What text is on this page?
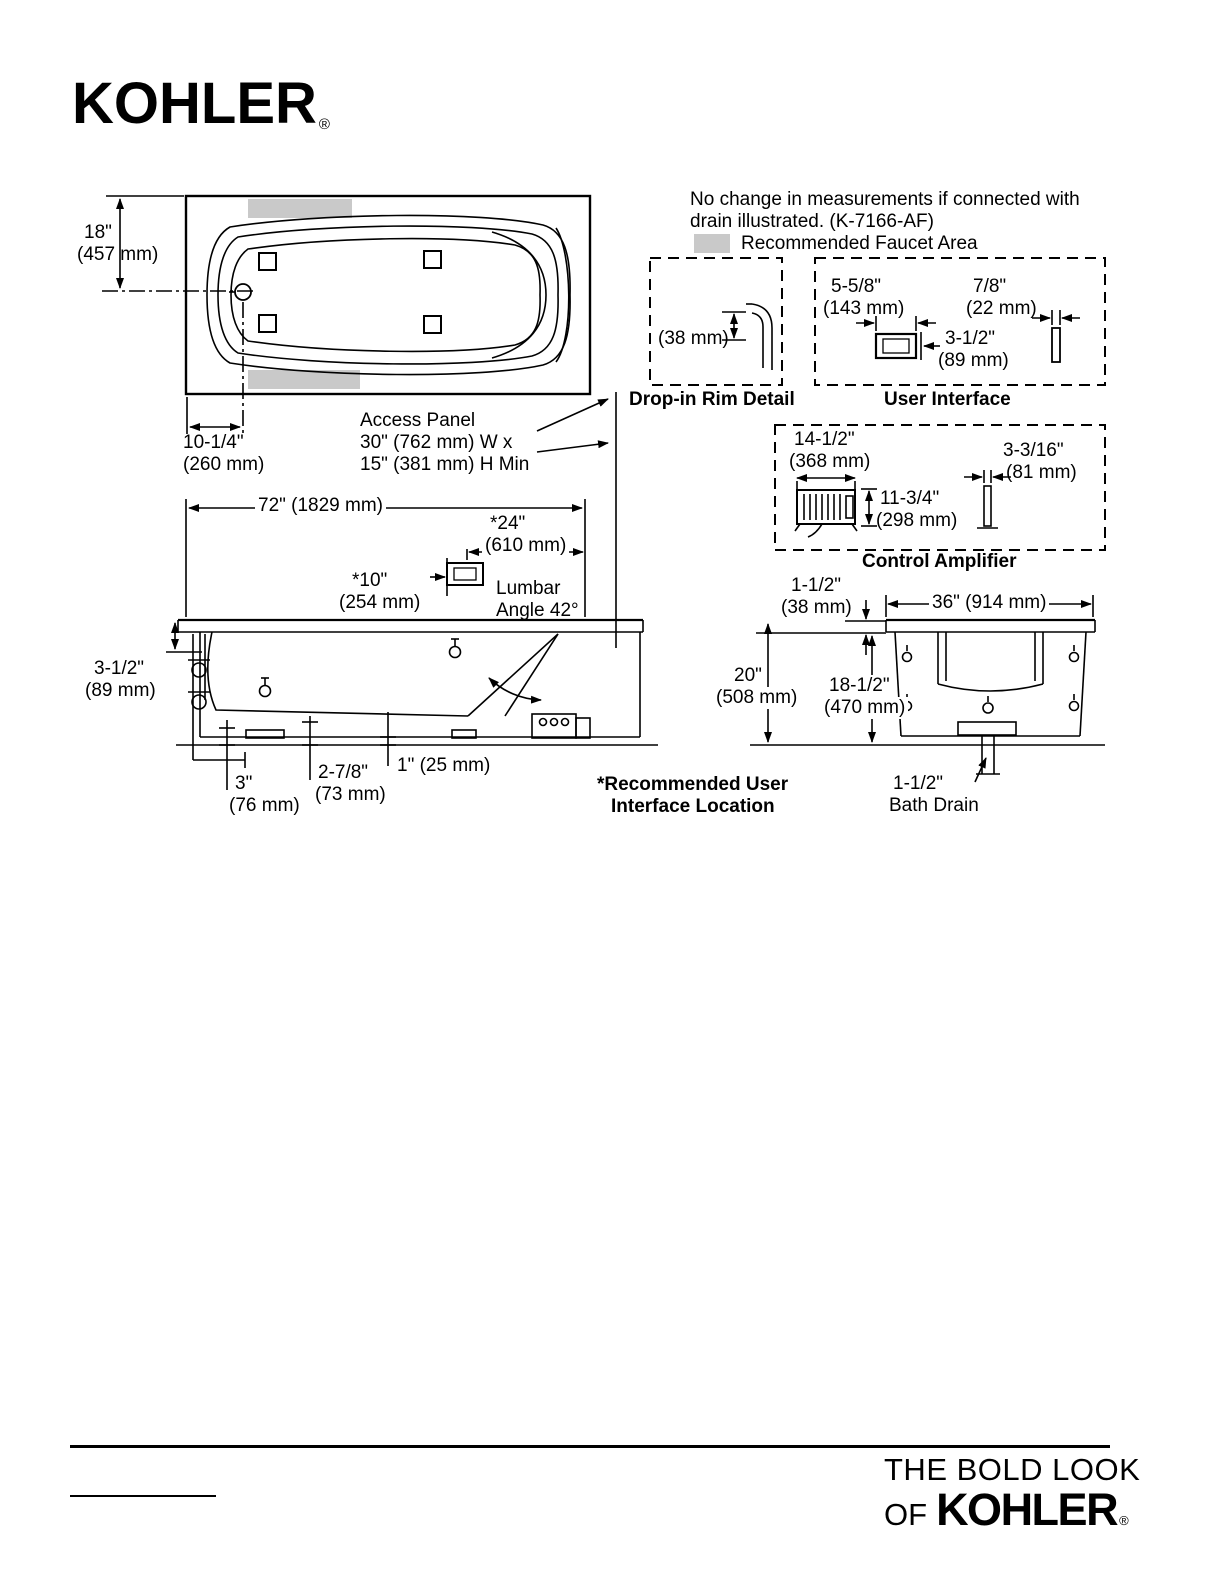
KOHLER ®
No change in measurements if connected with
drain illustrated. (K-7166-AF)
Recommended Faucet Area
18"
(457 mm)
10-1/4"
(260 mm)
Access Panel
30" (762 mm) W x
15" (381 mm) H Min
(38 mm)
Drop-in Rim Detail
5-5/8"
(143 mm)
7/8"
(22 mm)
3-1/2"
(89 mm)
User Interface
14-1/2"
(368 mm)
3-3/16"
(81 mm)
11-3/4"
(298 mm)
Control Amplifier
72" (1829 mm)
*24"
(610 mm)
*10"
(254 mm)
Lumbar
Angle 42°
3-1/2"
(89 mm)
1" (25 mm)
2-7/8"
(73 mm)
3"
(76 mm)
*Recommended User
Interface Location
1-1/2"
(38 mm)	36" (914 mm)
20"
(508 mm)
18-1/2"
(470 mm)
1-1/2"
Bath Drain
THE BOLD LOOK
OF KOHLER ®
